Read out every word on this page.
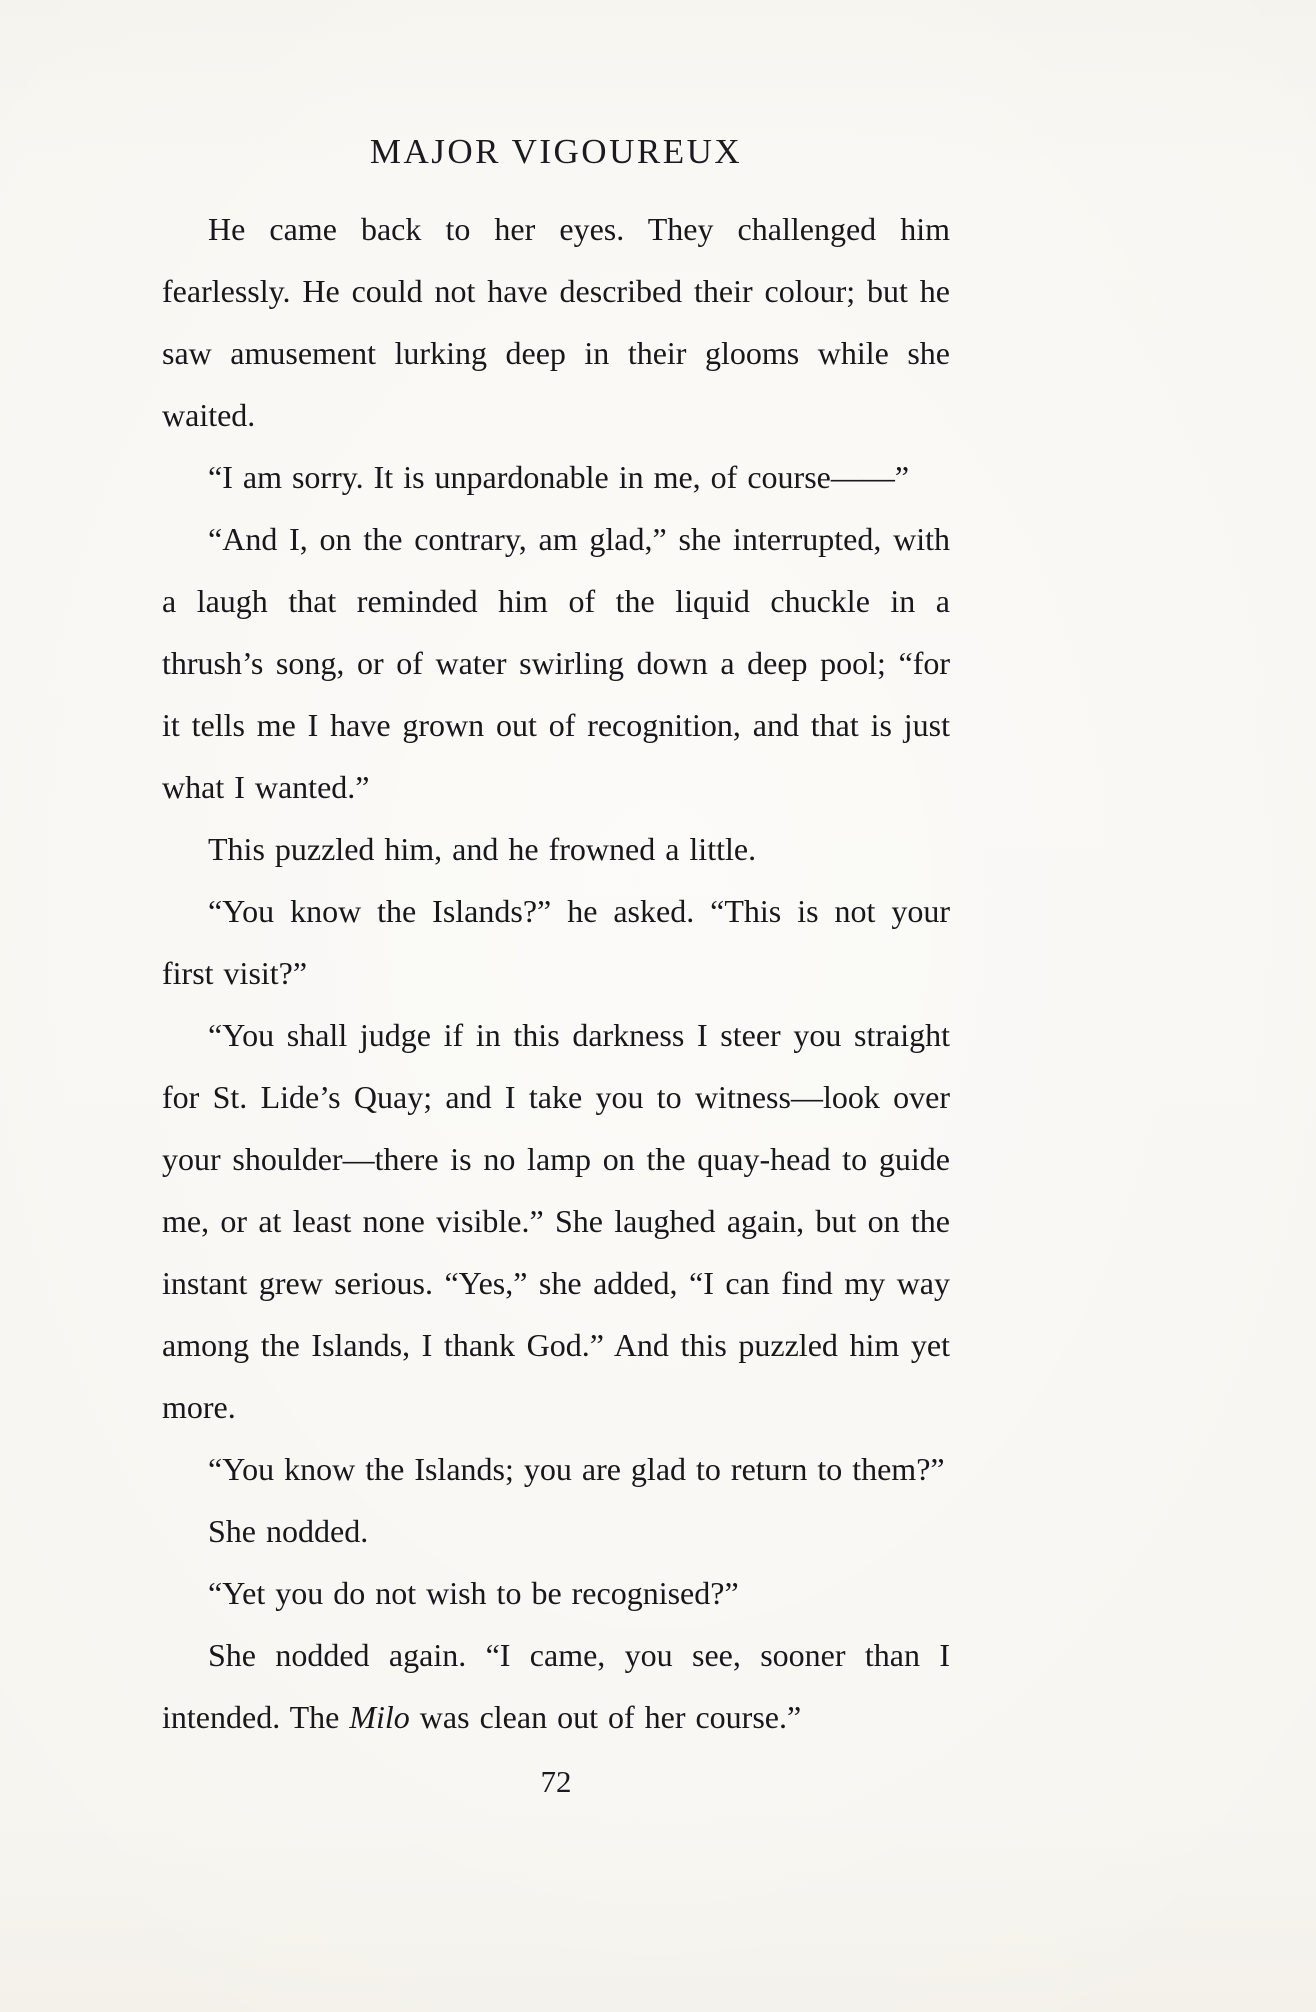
MAJOR VIGOUREUX

He came back to her eyes. They challenged him fearlessly. He could not have described their colour; but he saw amusement lurking deep in their glooms while she waited.

“I am sorry. It is unpardonable in me, of course——”

“And I, on the contrary, am glad,” she interrupted, with a laugh that reminded him of the liquid chuckle in a thrush’s song, or of water swirling down a deep pool; “for it tells me I have grown out of recognition, and that is just what I wanted.”

This puzzled him, and he frowned a little.

“You know the Islands?” he asked. “This is not your first visit?”

“You shall judge if in this darkness I steer you straight for St. Lide’s Quay; and I take you to witness—look over your shoulder—there is no lamp on the quay-head to guide me, or at least none visible.” She laughed again, but on the instant grew serious. “Yes,” she added, “I can find my way among the Islands, I thank God.” And this puzzled him yet more.

“You know the Islands; you are glad to return to them?”

She nodded.

“Yet you do not wish to be recognised?”

She nodded again. “I came, you see, sooner than I intended. The Milo was clean out of her course.”

72
